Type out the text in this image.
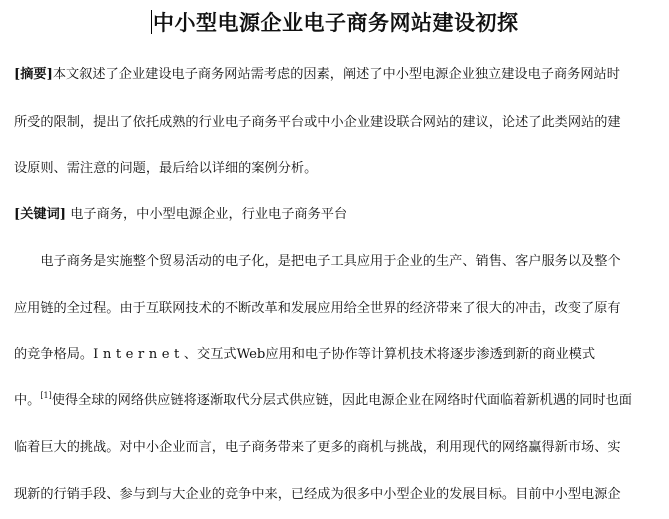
中小型电源企业电子商务网站建设初探
[摘要]本文叙述了企业建设电子商务网站需考虑的因素，阐述了中小型电源企业独立建设电子商务网站时
所受的限制，提出了依托成熟的行业电子商务平台或中小企业建设联合网站的建议，论述了此类网站的建
设原则、需注意的问题，最后给以详细的案例分析。
[关键词] 电子商务，中小型电源企业，行业电子商务平台
　　电子商务是实施整个贸易活动的电子化，是把电子工具应用于企业的生产、销售、客户服务以及整个
应用链的全过程。由于互联网技术的不断改革和发展应用给全世界的经济带来了很大的冲击，改变了原有
的竞争格局。Internet、交互式Web应用和电子协作等计算机技术将逐步渗透到新的商业模式
中。[1]使得全球的网络供应链将逐渐取代分层式供应链，因此电源企业在网络时代面临着新机遇的同时也面
临着巨大的挑战。对中小企业而言，电子商务带来了更多的商机与挑战，利用现代的网络赢得新市场、实
现新的行销手段、参与到与大企业的竞争中来，已经成为很多中小型企业的发展目标。目前中小型电源企
